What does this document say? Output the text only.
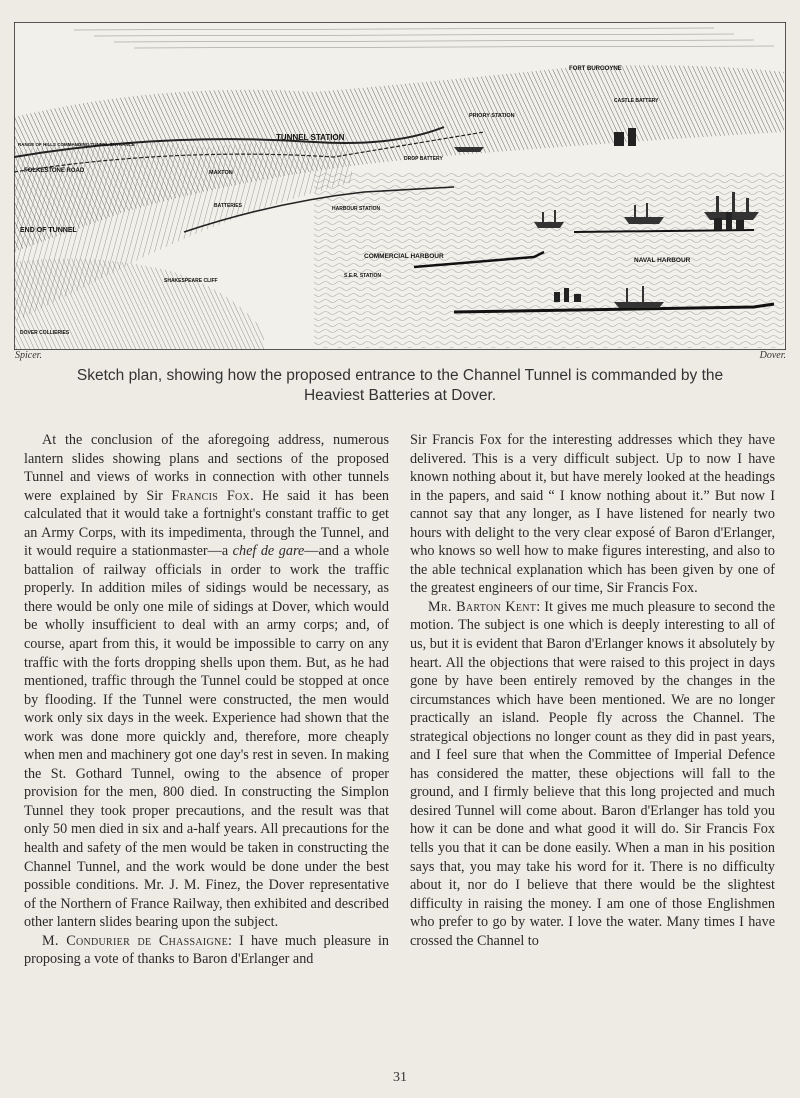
FORT BURGOYNE
CASTLE BATTERY
PRIORY STATION
TUNNEL STATION
FOLKESTONE ROAD
DROP BATTERY
MAXTON
BATTERIES
END OF TUNNEL
HARBOUR STATION
COMMERCIAL HARBOUR
NAVAL HARBOUR
S.E.R. STATION
SHAKESPEARE CLIFF
DOVER COLLIERIES
RANGE OF HILLS COMMANDING TUNNEL ENTRANCE
Spicer.	Dover.
Sketch plan, showing how the proposed entrance to the Channel Tunnel is commanded by the Heaviest Batteries at Dover.

At the conclusion of the aforegoing address, numerous lantern slides showing plans and sections of the proposed Tunnel and views of works in connection with other tunnels were explained by Sir Francis Fox. He said it has been calculated that it would take a fortnight's constant traffic to get an Army Corps, with its impedimenta, through the Tunnel, and it would require a stationmaster—a chef de gare—and a whole battalion of railway officials in order to work the traffic properly. In addition miles of sidings would be necessary, as there would be only one mile of sidings at Dover, which would be wholly insufficient to deal with an army corps; and, of course, apart from this, it would be impossible to carry on any traffic with the forts dropping shells upon them. But, as he had mentioned, traffic through the Tunnel could be stopped at once by flooding. If the Tunnel were constructed, the men would work only six days in the week. Experience had shown that the work was done more quickly and, therefore, more cheaply when men and machinery got one day's rest in seven. In making the St. Gothard Tunnel, owing to the absence of proper provision for the men, 800 died. In constructing the Simplon Tunnel they took proper precautions, and the result was that only 50 men died in six and a-half years. All precautions for the health and safety of the men would be taken in constructing the Channel Tunnel, and the work would be done under the best possible conditions. Mr. J. M. Finez, the Dover representative of the Northern of France Railway, then exhibited and described other lantern slides bearing upon the subject.

M. Condurier de Chassaigne: I have much pleasure in proposing a vote of thanks to Baron d'Erlanger and

Sir Francis Fox for the interesting addresses which they have delivered. This is a very difficult subject. Up to now I have known nothing about it, but have merely looked at the headings in the papers, and said “ I know nothing about it.” But now I cannot say that any longer, as I have listened for nearly two hours with delight to the very clear exposé of Baron d'Erlanger, who knows so well how to make figures interesting, and also to the able technical explanation which has been given by one of the greatest engineers of our time, Sir Francis Fox.

Mr. Barton Kent: It gives me much pleasure to second the motion. The subject is one which is deeply interesting to all of us, but it is evident that Baron d'Erlanger knows it absolutely by heart. All the objections that were raised to this project in days gone by have been entirely removed by the changes in the circumstances which have been mentioned. We are no longer practically an island. People fly across the Channel. The strategical objections no longer count as they did in past years, and I feel sure that when the Committee of Imperial Defence has considered the matter, these objections will fall to the ground, and I firmly believe that this long projected and much desired Tunnel will come about. Baron d'Erlanger has told you how it can be done and what good it will do. Sir Francis Fox tells you that it can be done easily. When a man in his position says that, you may take his word for it. There is no difficulty about it, nor do I believe that there would be the slightest difficulty in raising the money. I am one of those Englishmen who prefer to go by water. I love the water. Many times I have crossed the Channel to

31
